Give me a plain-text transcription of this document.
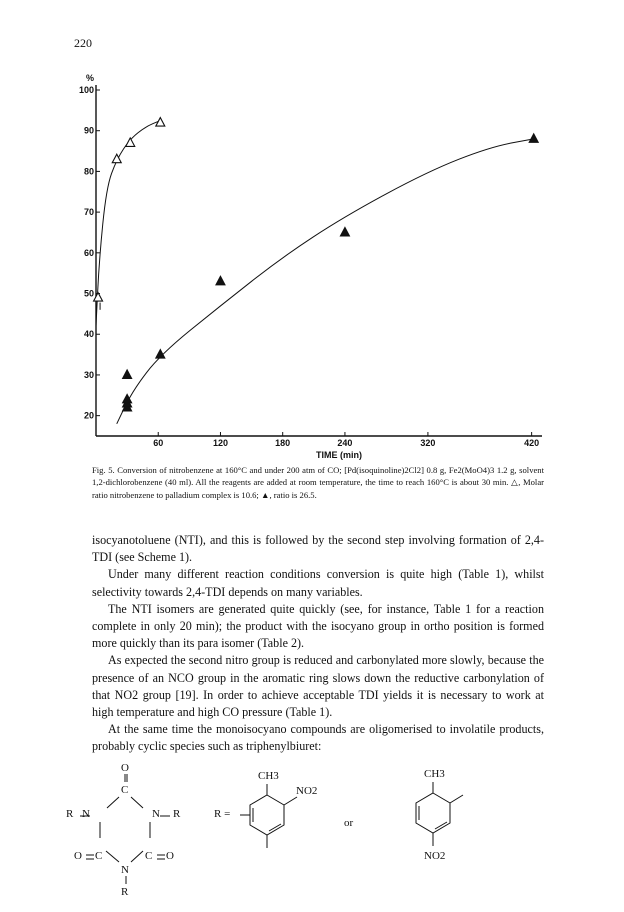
220
20
30
40
50
60
70
80
90
100
%
60	120	180	240	320	420
TIME (min)
Fig. 5. Conversion of nitrobenzene at 160°C and under 200 atm of CO; [Pd(isoquinoline)2Cl2] 0.8 g, Fe2(MoO4)3 1.2 g, solvent 1,2-dichlorobenzene (40 ml). All the reagents are added at room temperature, the time to reach 160°C is about 30 min. △, Molar ratio nitrobenzene to palladium complex is 10.6; ▲, ratio is 26.5.

isocyanotoluene (NTI), and this is followed by the second step involving formation of 2,4-TDI (see Scheme 1).

Under many different reaction conditions conversion is quite high (Table 1), whilst selectivity towards 2,4-TDI depends on many variables.

The NTI isomers are generated quite quickly (see, for instance, Table 1 for a reaction complete in only 20 min); the product with the isocyano group in ortho position is formed more quickly than its para isomer (Table 2).

As expected the second nitro group is reduced and carbonylated more slowly, because the presence of an NCO group in the aromatic ring slows down the reductive carbonylation of that NO2 group [19]. In order to achieve acceptable TDI yields it is necessary to work at high temperature and high CO pressure (Table 1).

At the same time the monoisocyano compounds are oligomerised to involatile products, probably cyclic species such as triphenylbiuret:

O
C
R N	N R
O C	C O
N
R
CH3
NO2
R =
or
CH3
NO2
